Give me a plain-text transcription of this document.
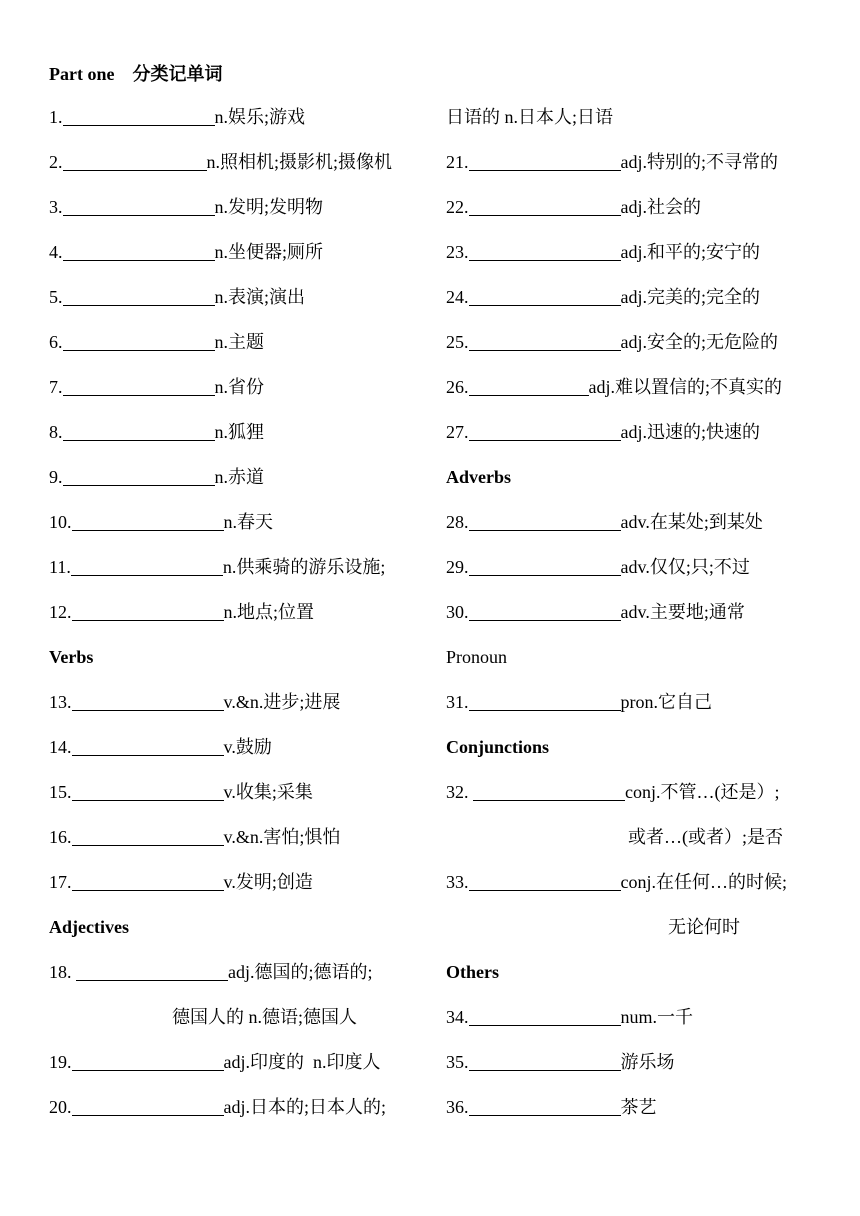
Part one 分类记单词
1.	n.娱乐;游戏
2.	n.照相机;摄影机;摄像机
3.	n.发明;发明物
4.	n.坐便器;厕所
5.	n.表演;演出
6.	n.主题
7.	n.省份
8.	n.狐狸
9.	n.赤道
10.	n.春天
11.	n.供乘骑的游乐设施;
12.	n.地点;位置
Verbs
13.	v.&n.进步;进展
14.	v.鼓励
15.	v.收集;采集
16.	v.&n.害怕;惧怕
17.	v.发明;创造
Adjectives
18.	adj.德国的;德语的;
德国人的 n.德语;德国人
19.	adj.印度的  n.印度人
20.	adj.日本的;日本人的;
日语的 n.日本人;日语
21.	adj.特别的;不寻常的
22.	adj.社会的
23.	adj.和平的;安宁的
24.	adj.完美的;完全的
25.	adj.安全的;无危险的
26.	adj.难以置信的;不真实的
27.	adj.迅速的;快速的
Adverbs
28.	adv.在某处;到某处
29.	adv.仅仅;只;不过
30.	adv.主要地;通常
Pronoun
31.	pron.它自己
Conjunctions
32.	conj.不管…(还是）;
或者…(或者）;是否
33.	conj.在任何…的时候;
无论何时
Others
34.	num.一千
35.	游乐场
36.	茶艺
